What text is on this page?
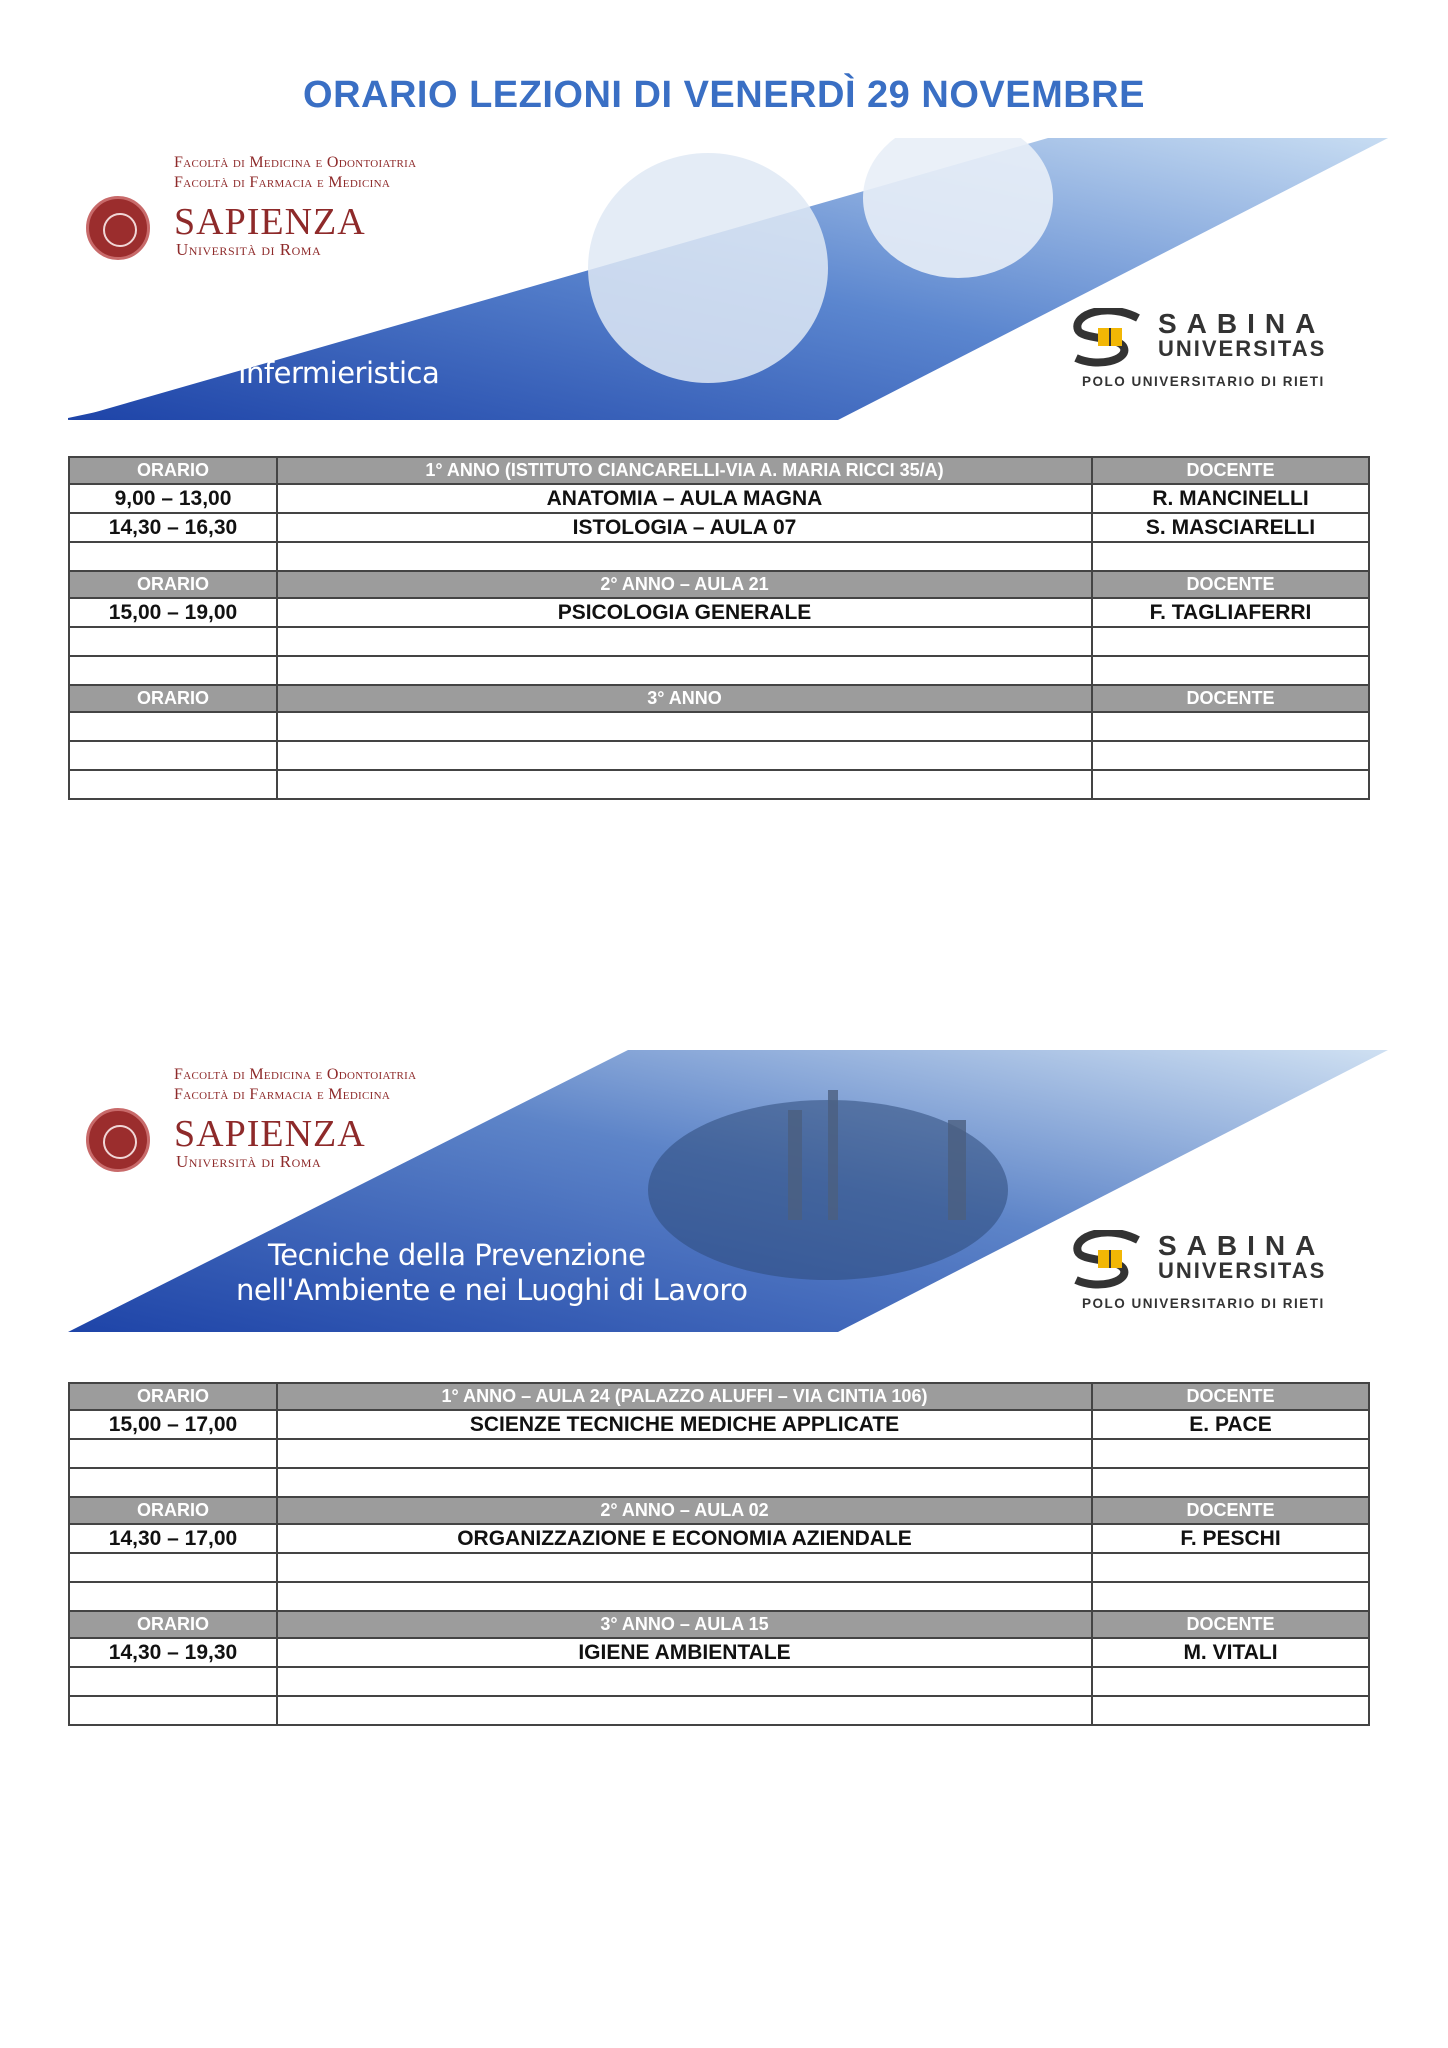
ORARIO LEZIONI DI VENERDÌ 29 NOVEMBRE
Facoltà di Medicina e Odontoiatria
Facoltà di Farmacia e Medicina
SAPIENZA
Università di Roma
Infermieristica

SABINA
UNIVERSITAS
POLO UNIVERSITARIO DI RIETI
ORARIO	1° ANNO (ISTITUTO CIANCARELLI-VIA A. MARIA RICCI 35/A)	DOCENTE
9,00 – 13,00	ANATOMIA – AULA MAGNA	R. MANCINELLI
14,30 – 16,30	ISTOLOGIA – AULA 07	S. MASCIARELLI

ORARIO	2° ANNO – AULA 21	DOCENTE
15,00 – 19,00	PSICOLOGIA GENERALE	F. TAGLIAFERRI

ORARIO	3° ANNO	DOCENTE

Facoltà di Medicina e Odontoiatria
Facoltà di Farmacia e Medicina
SAPIENZA
Università di Roma
Tecniche della Prevenzione
nell'Ambiente e nei Luoghi di Lavoro
SABINA
UNIVERSITAS
POLO UNIVERSITARIO DI RIETI
ORARIO	1° ANNO – AULA 24 (PALAZZO ALUFFI – VIA CINTIA 106)	DOCENTE
15,00 – 17,00	SCIENZE TECNICHE MEDICHE APPLICATE	E. PACE

ORARIO	2° ANNO – AULA 02	DOCENTE
14,30 – 17,00	ORGANIZZAZIONE E ECONOMIA AZIENDALE	F. PESCHI

ORARIO	3° ANNO – AULA 15	DOCENTE
14,30 – 19,30	IGIENE AMBIENTALE	M. VITALI
